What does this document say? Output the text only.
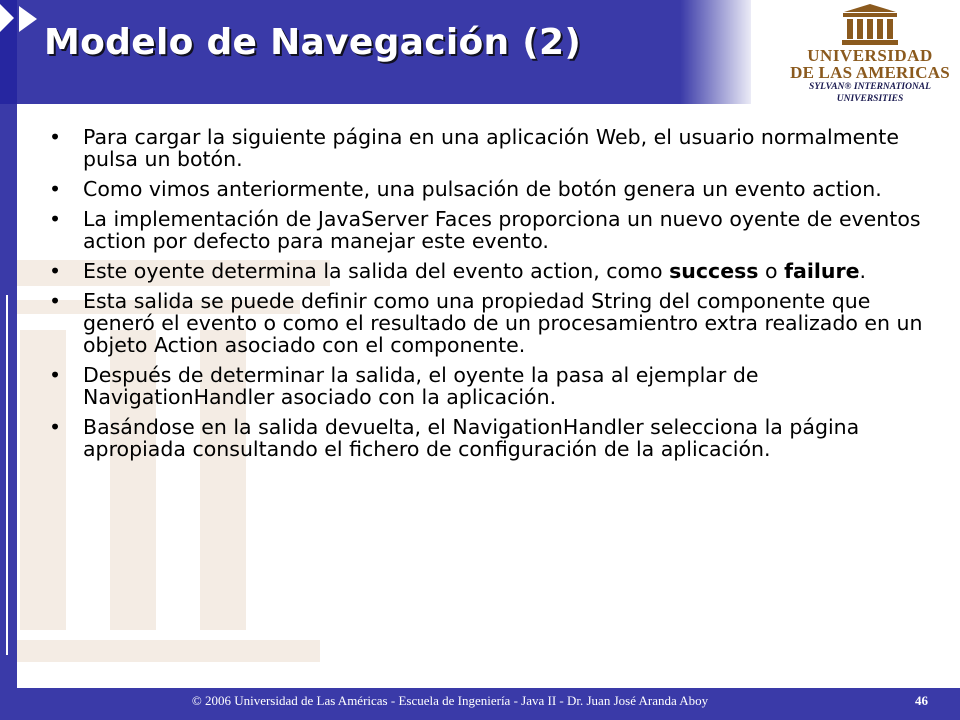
Modelo de Navegación (2)	UNIVERSIDAD
DE LAS AMERICAS
SYLVAN® INTERNATIONAL UNIVERSITIES
• Para cargar la siguiente página en una aplicación Web, el usuario normalmente pulsa un botón.
• Como vimos anteriormente, una pulsación de botón genera un evento action.
• La implementación de JavaServer Faces proporciona un nuevo oyente de eventos action por defecto para manejar este evento.
• Este oyente determina la salida del evento action, como success o failure.
• Esta salida se puede definir como una propiedad String del componente que generó el evento o como el resultado de un procesamientro extra realizado en un objeto Action asociado con el componente.
• Después de determinar la salida, el oyente la pasa al ejemplar de NavigationHandler asociado con la aplicación.
• Basándose en la salida devuelta, el NavigationHandler selecciona la página apropiada consultando el fichero de configuración de la aplicación.
© 2006 Universidad de Las Américas - Escuela de Ingeniería - Java II - Dr. Juan José Aranda Aboy	46
